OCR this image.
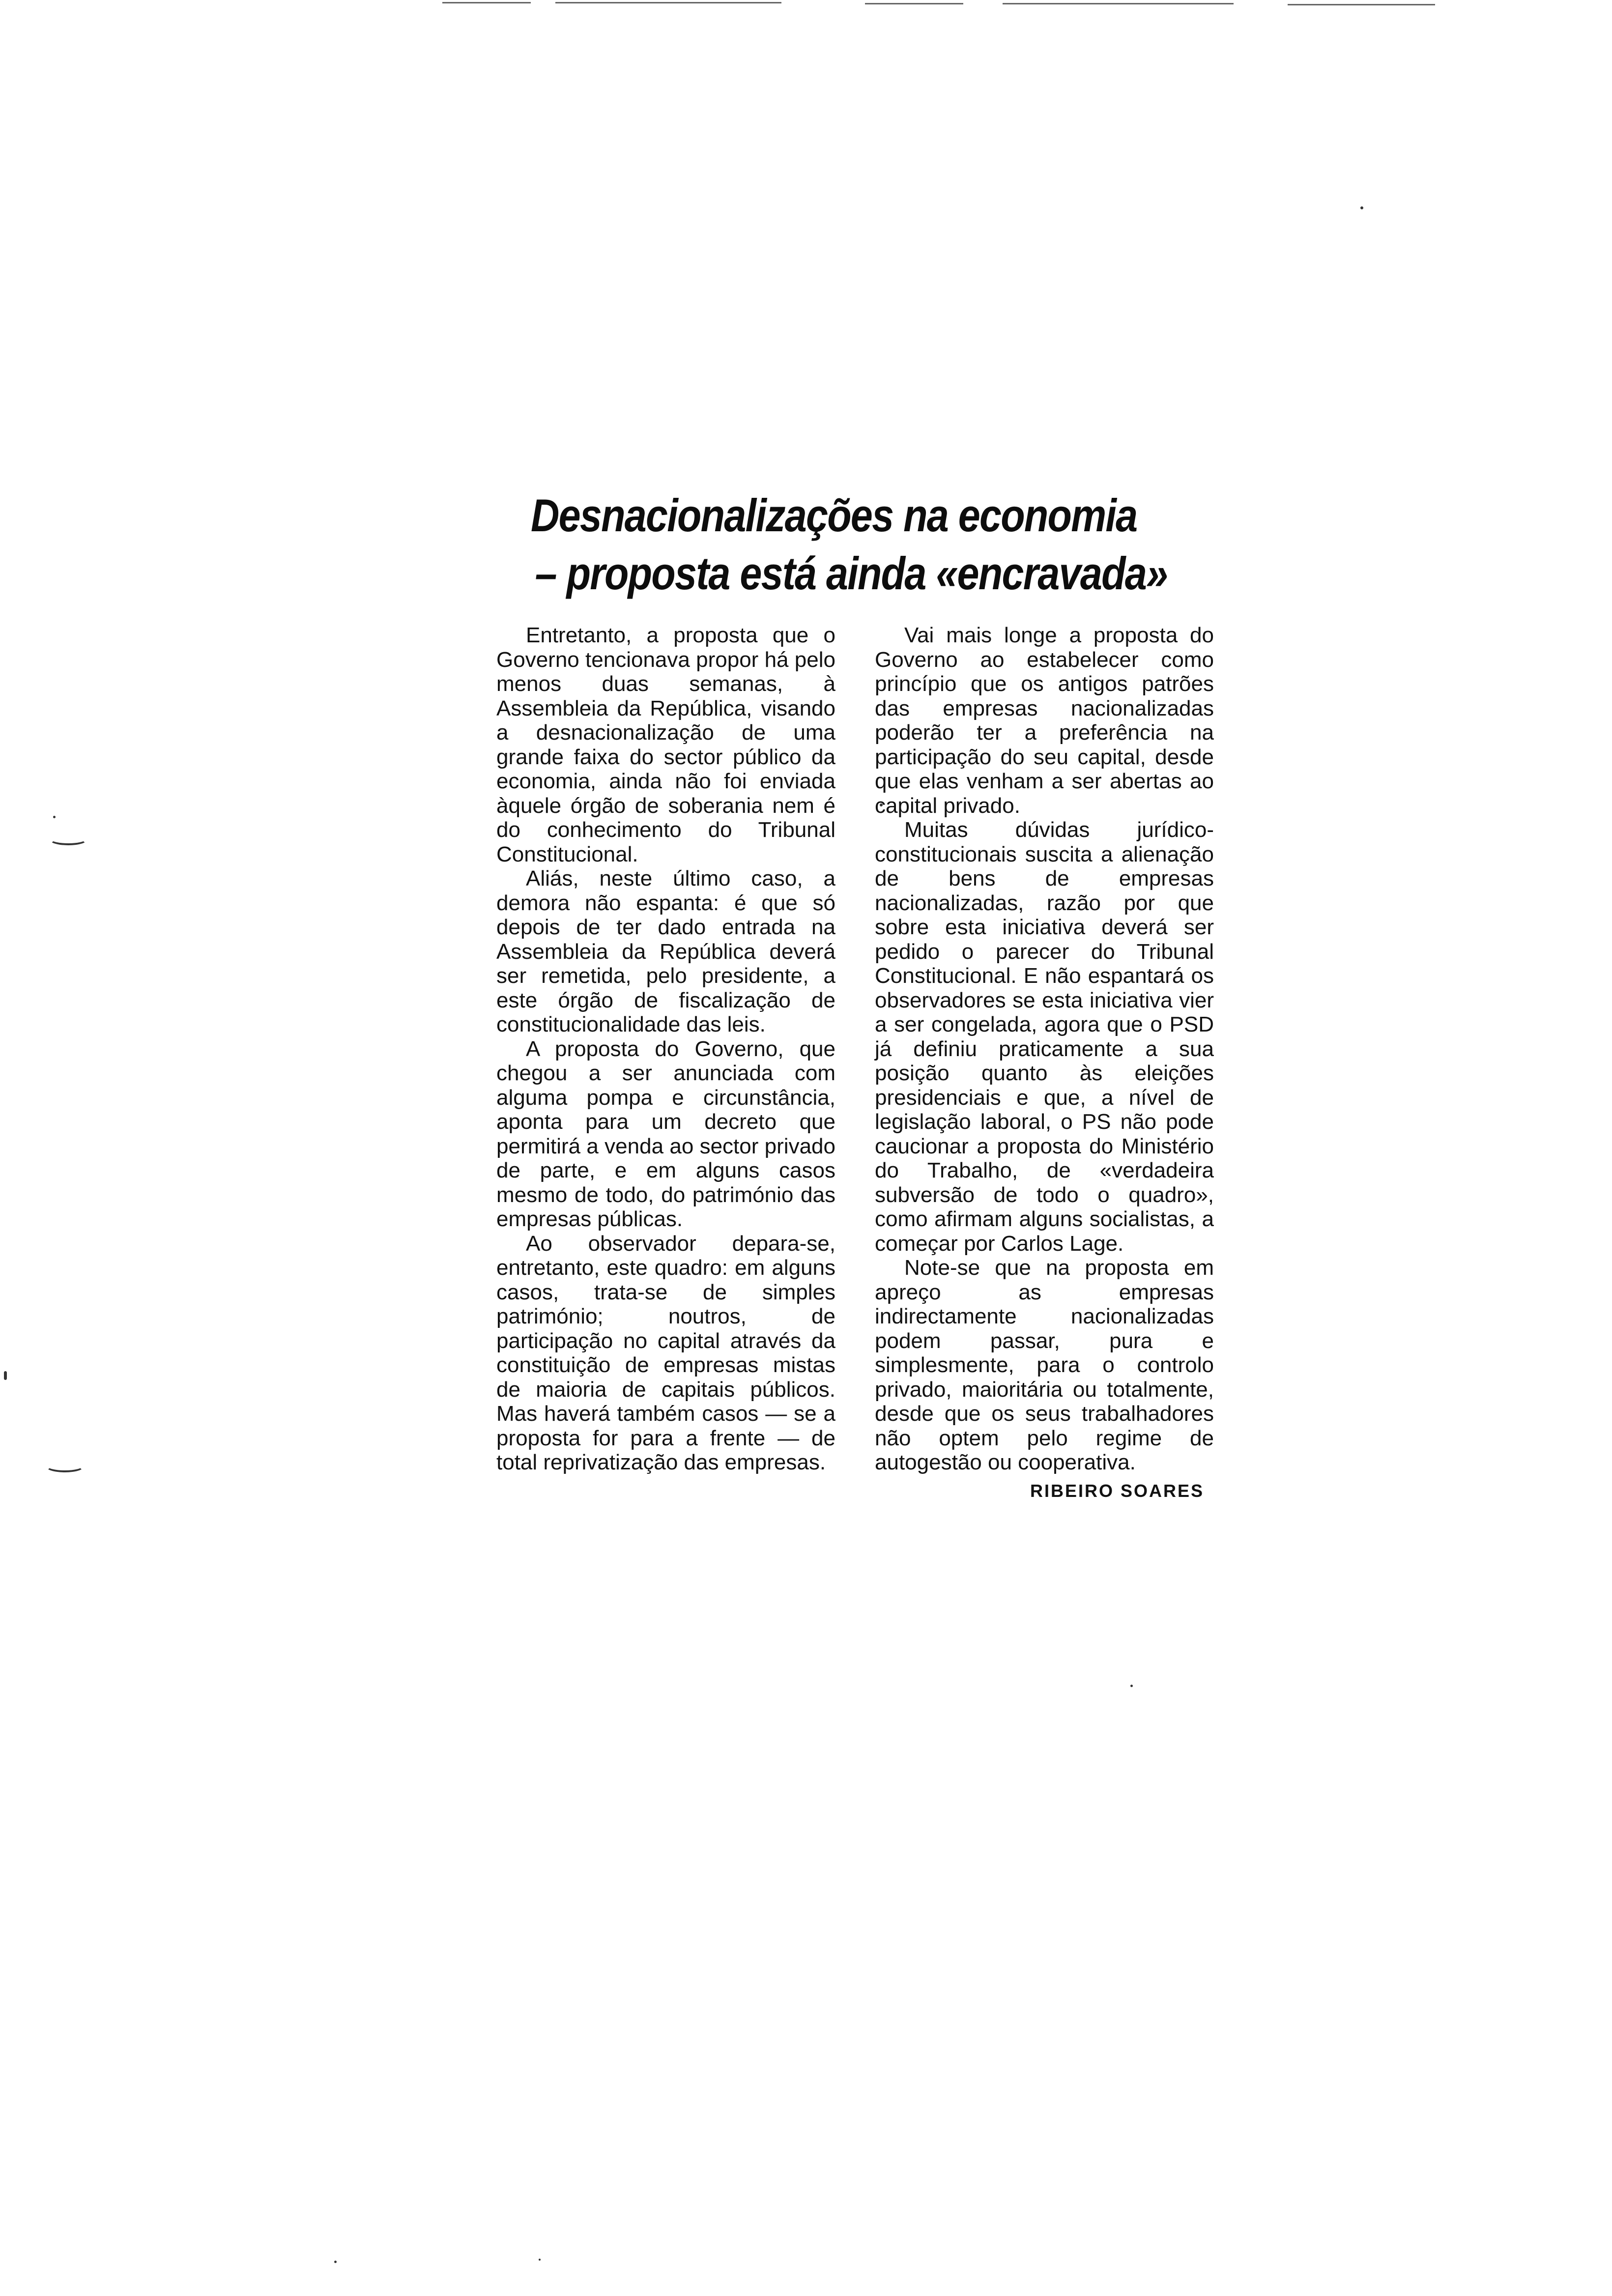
Desnacionalizações na economia
– proposta está ainda «encravada»

Entretanto, a proposta que o Governo tencionava propor há pelo menos duas semanas, à Assembleia da República, visando a desnacionalização de uma grande faixa do sector público da economia, ainda não foi enviada àquele órgão de soberania nem é do conhecimento do Tribunal Constitucional.

Aliás, neste último caso, a demora não espanta: é que só depois de ter dado entrada na Assembleia da República deverá ser remetida, pelo presidente, a este órgão de fiscalização de constitucionalidade das leis.

A proposta do Governo, que chegou a ser anunciada com alguma pompa e circunstância, aponta para um decreto que permitirá a venda ao sector privado de parte, e em alguns casos mesmo de todo, do património das empresas públicas.

Ao observador depara-se, entretanto, este quadro: em alguns casos, trata-se de simples património; noutros, de participação no capital através da constituição de empresas mistas de maioria de capitais públicos. Mas haverá também casos — se a proposta for para a frente — de total reprivatização das empresas.

Vai mais longe a proposta do Governo ao estabelecer como princípio que os antigos patrões das empresas nacionalizadas poderão ter a preferência na participação do seu capital, desde que elas venham a ser abertas ao capital privado.

Muitas dúvidas jurídico-constitucionais suscita a alienação de bens de empresas nacionalizadas, razão por que sobre esta iniciativa deverá ser pedido o parecer do Tribunal Constitucional. E não espantará os observadores se esta iniciativa vier a ser congelada, agora que o PSD já definiu praticamente a sua posição quanto às eleições presidenciais e que, a nível de legislação laboral, o PS não pode caucionar a proposta do Ministério do Trabalho, de «verdadeira subversão de todo o quadro», como afirmam alguns socialistas, a começar por Carlos Lage.

Note-se que na proposta em apreço as empresas indirectamente nacionalizadas podem passar, pura e simplesmente, para o controlo privado, maioritária ou totalmente, desde que os seus trabalhadores não optem pelo regime de autogestão ou cooperativa.

RIBEIRO SOARES
